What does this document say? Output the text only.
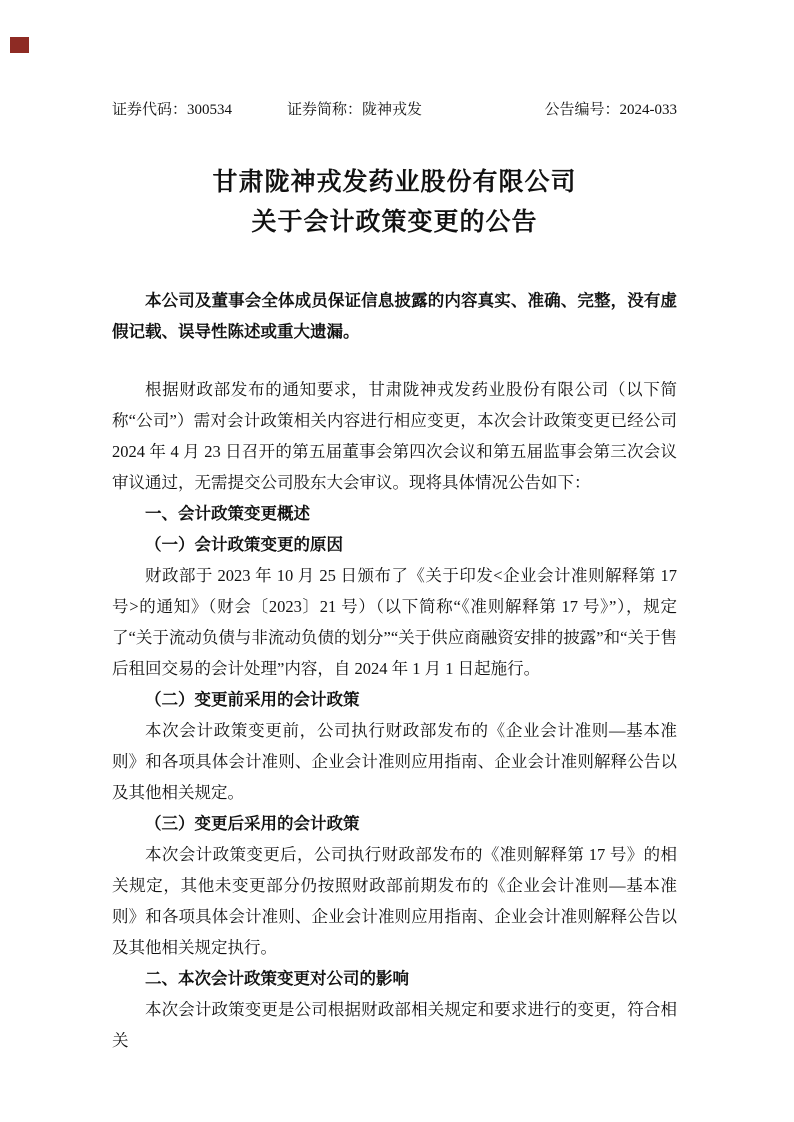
证券代码：300534	证券简称：陇神戎发	公告编号：2024-033
甘肃陇神戎发药业股份有限公司
关于会计政策变更的公告
本公司及董事会全体成员保证信息披露的内容真实、准确、完整，没有虚假记载、误导性陈述或重大遗漏。
根据财政部发布的通知要求，甘肃陇神戎发药业股份有限公司（以下简称“公司”）需对会计政策相关内容进行相应变更，本次会计政策变更已经公司 2024 年 4 月 23 日召开的第五届董事会第四次会议和第五届监事会第三次会议审议通过，无需提交公司股东大会审议。现将具体情况公告如下：
一、会计政策变更概述
（一）会计政策变更的原因
财政部于 2023 年 10 月 25 日颁布了《关于印发<企业会计准则解释第 17 号>的通知》（财会〔2023〕21 号）（以下简称“《准则解释第 17 号》”），规定了“关于流动负债与非流动负债的划分”“关于供应商融资安排的披露”和“关于售后租回交易的会计处理”内容，自 2024 年 1 月 1 日起施行。
（二）变更前采用的会计政策
本次会计政策变更前，公司执行财政部发布的《企业会计准则—基本准则》和各项具体会计准则、企业会计准则应用指南、企业会计准则解释公告以及其他相关规定。
（三）变更后采用的会计政策
本次会计政策变更后，公司执行财政部发布的《准则解释第 17 号》的相关规定，其他未变更部分仍按照财政部前期发布的《企业会计准则—基本准则》和各项具体会计准则、企业会计准则应用指南、企业会计准则解释公告以及其他相关规定执行。
二、本次会计政策变更对公司的影响
本次会计政策变更是公司根据财政部相关规定和要求进行的变更，符合相关
